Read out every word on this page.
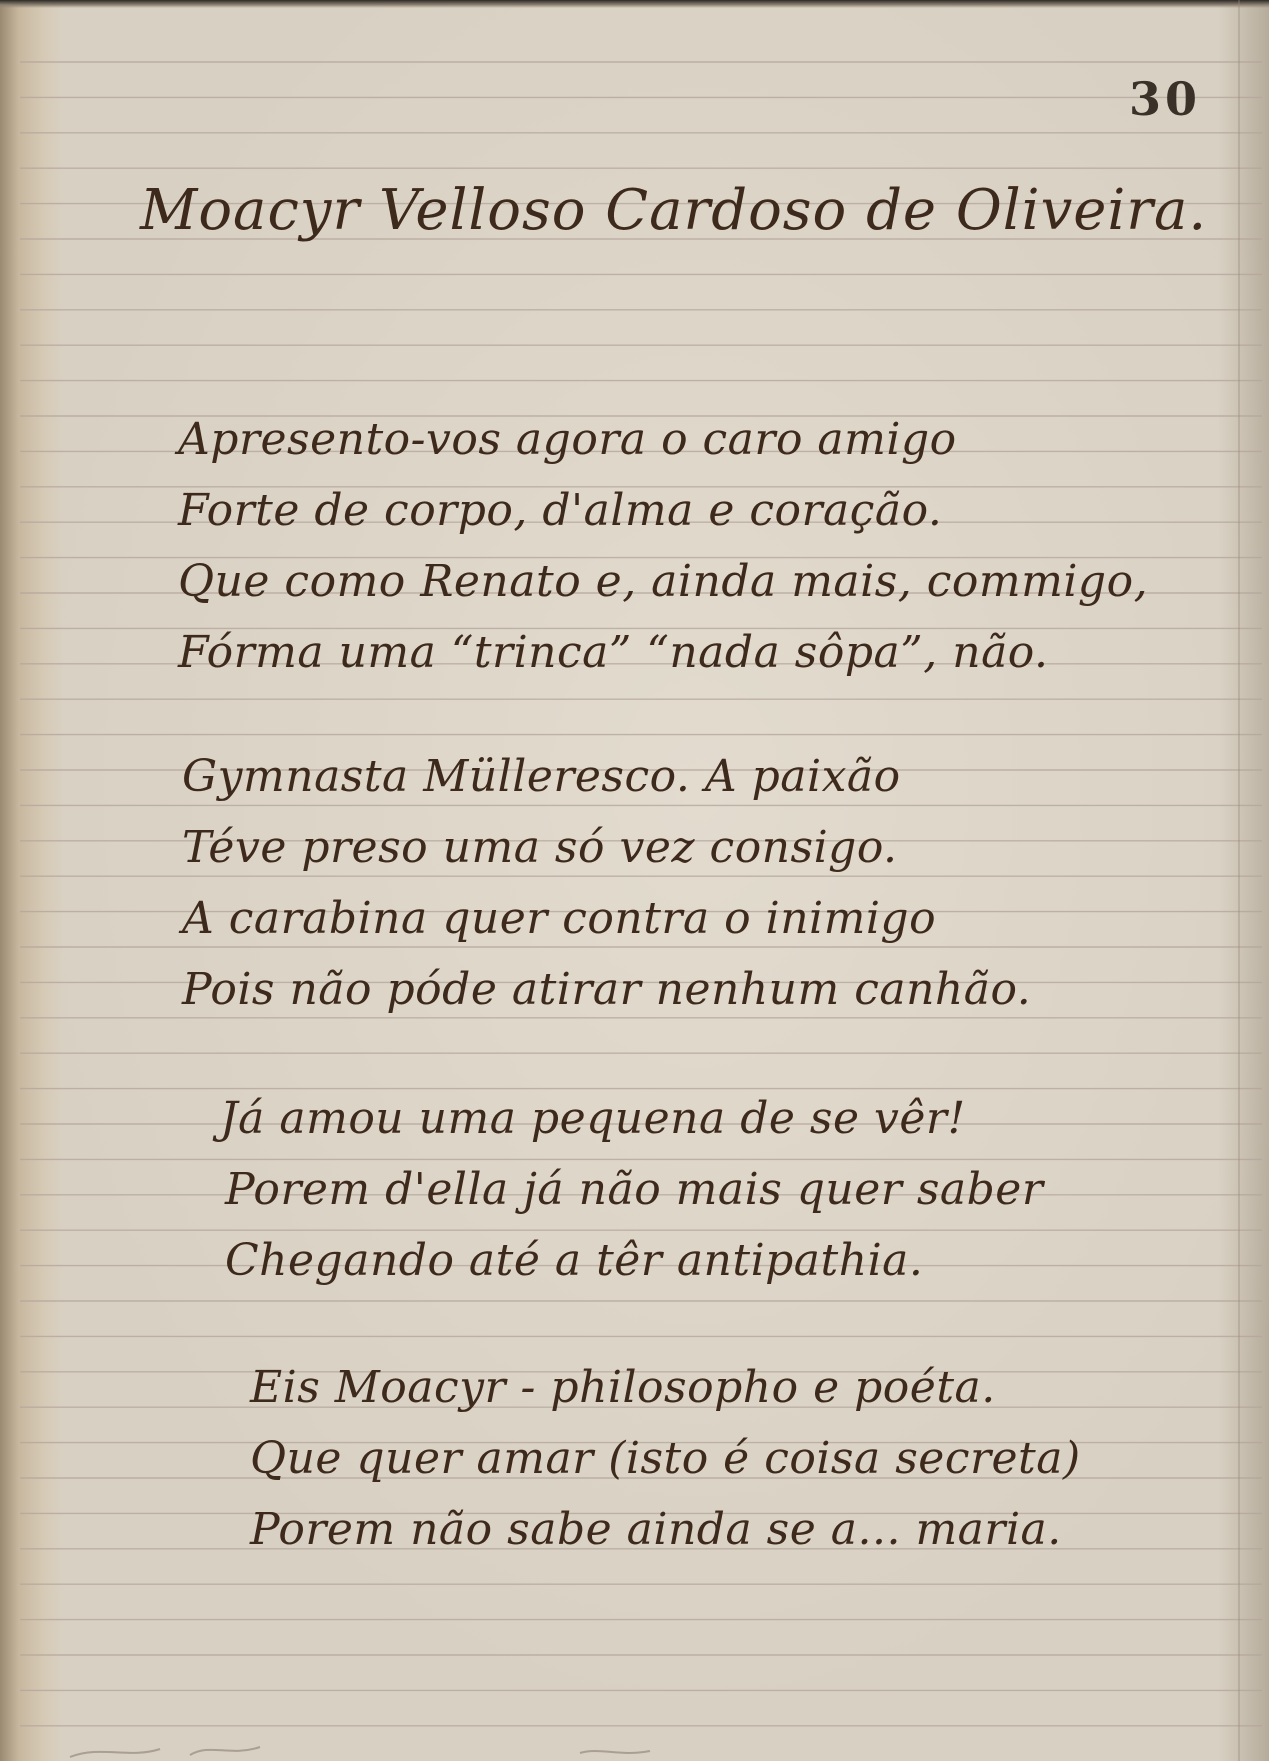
30
Moacyr Velloso Cardoso de Oliveira.
Apresento-vos agora o caro amigo
Forte de corpo, d'alma e coração.
Que como Renato e, ainda mais, commigo,
Fórma uma “trinca” “nada sôpa”, não.
Gymnasta Mülleresco. A paixão
Téve preso uma só vez consigo.
A carabina quer contra o inimigo
Pois não póde atirar nenhum canhão.
Já amou uma pequena de se vêr!
Porem d'ella já não mais quer saber
Chegando até a têr antipathia.
Eis Moacyr - philosopho e poéta.
Que quer amar (isto é coisa secreta)
Porem não sabe ainda se a... maria.
